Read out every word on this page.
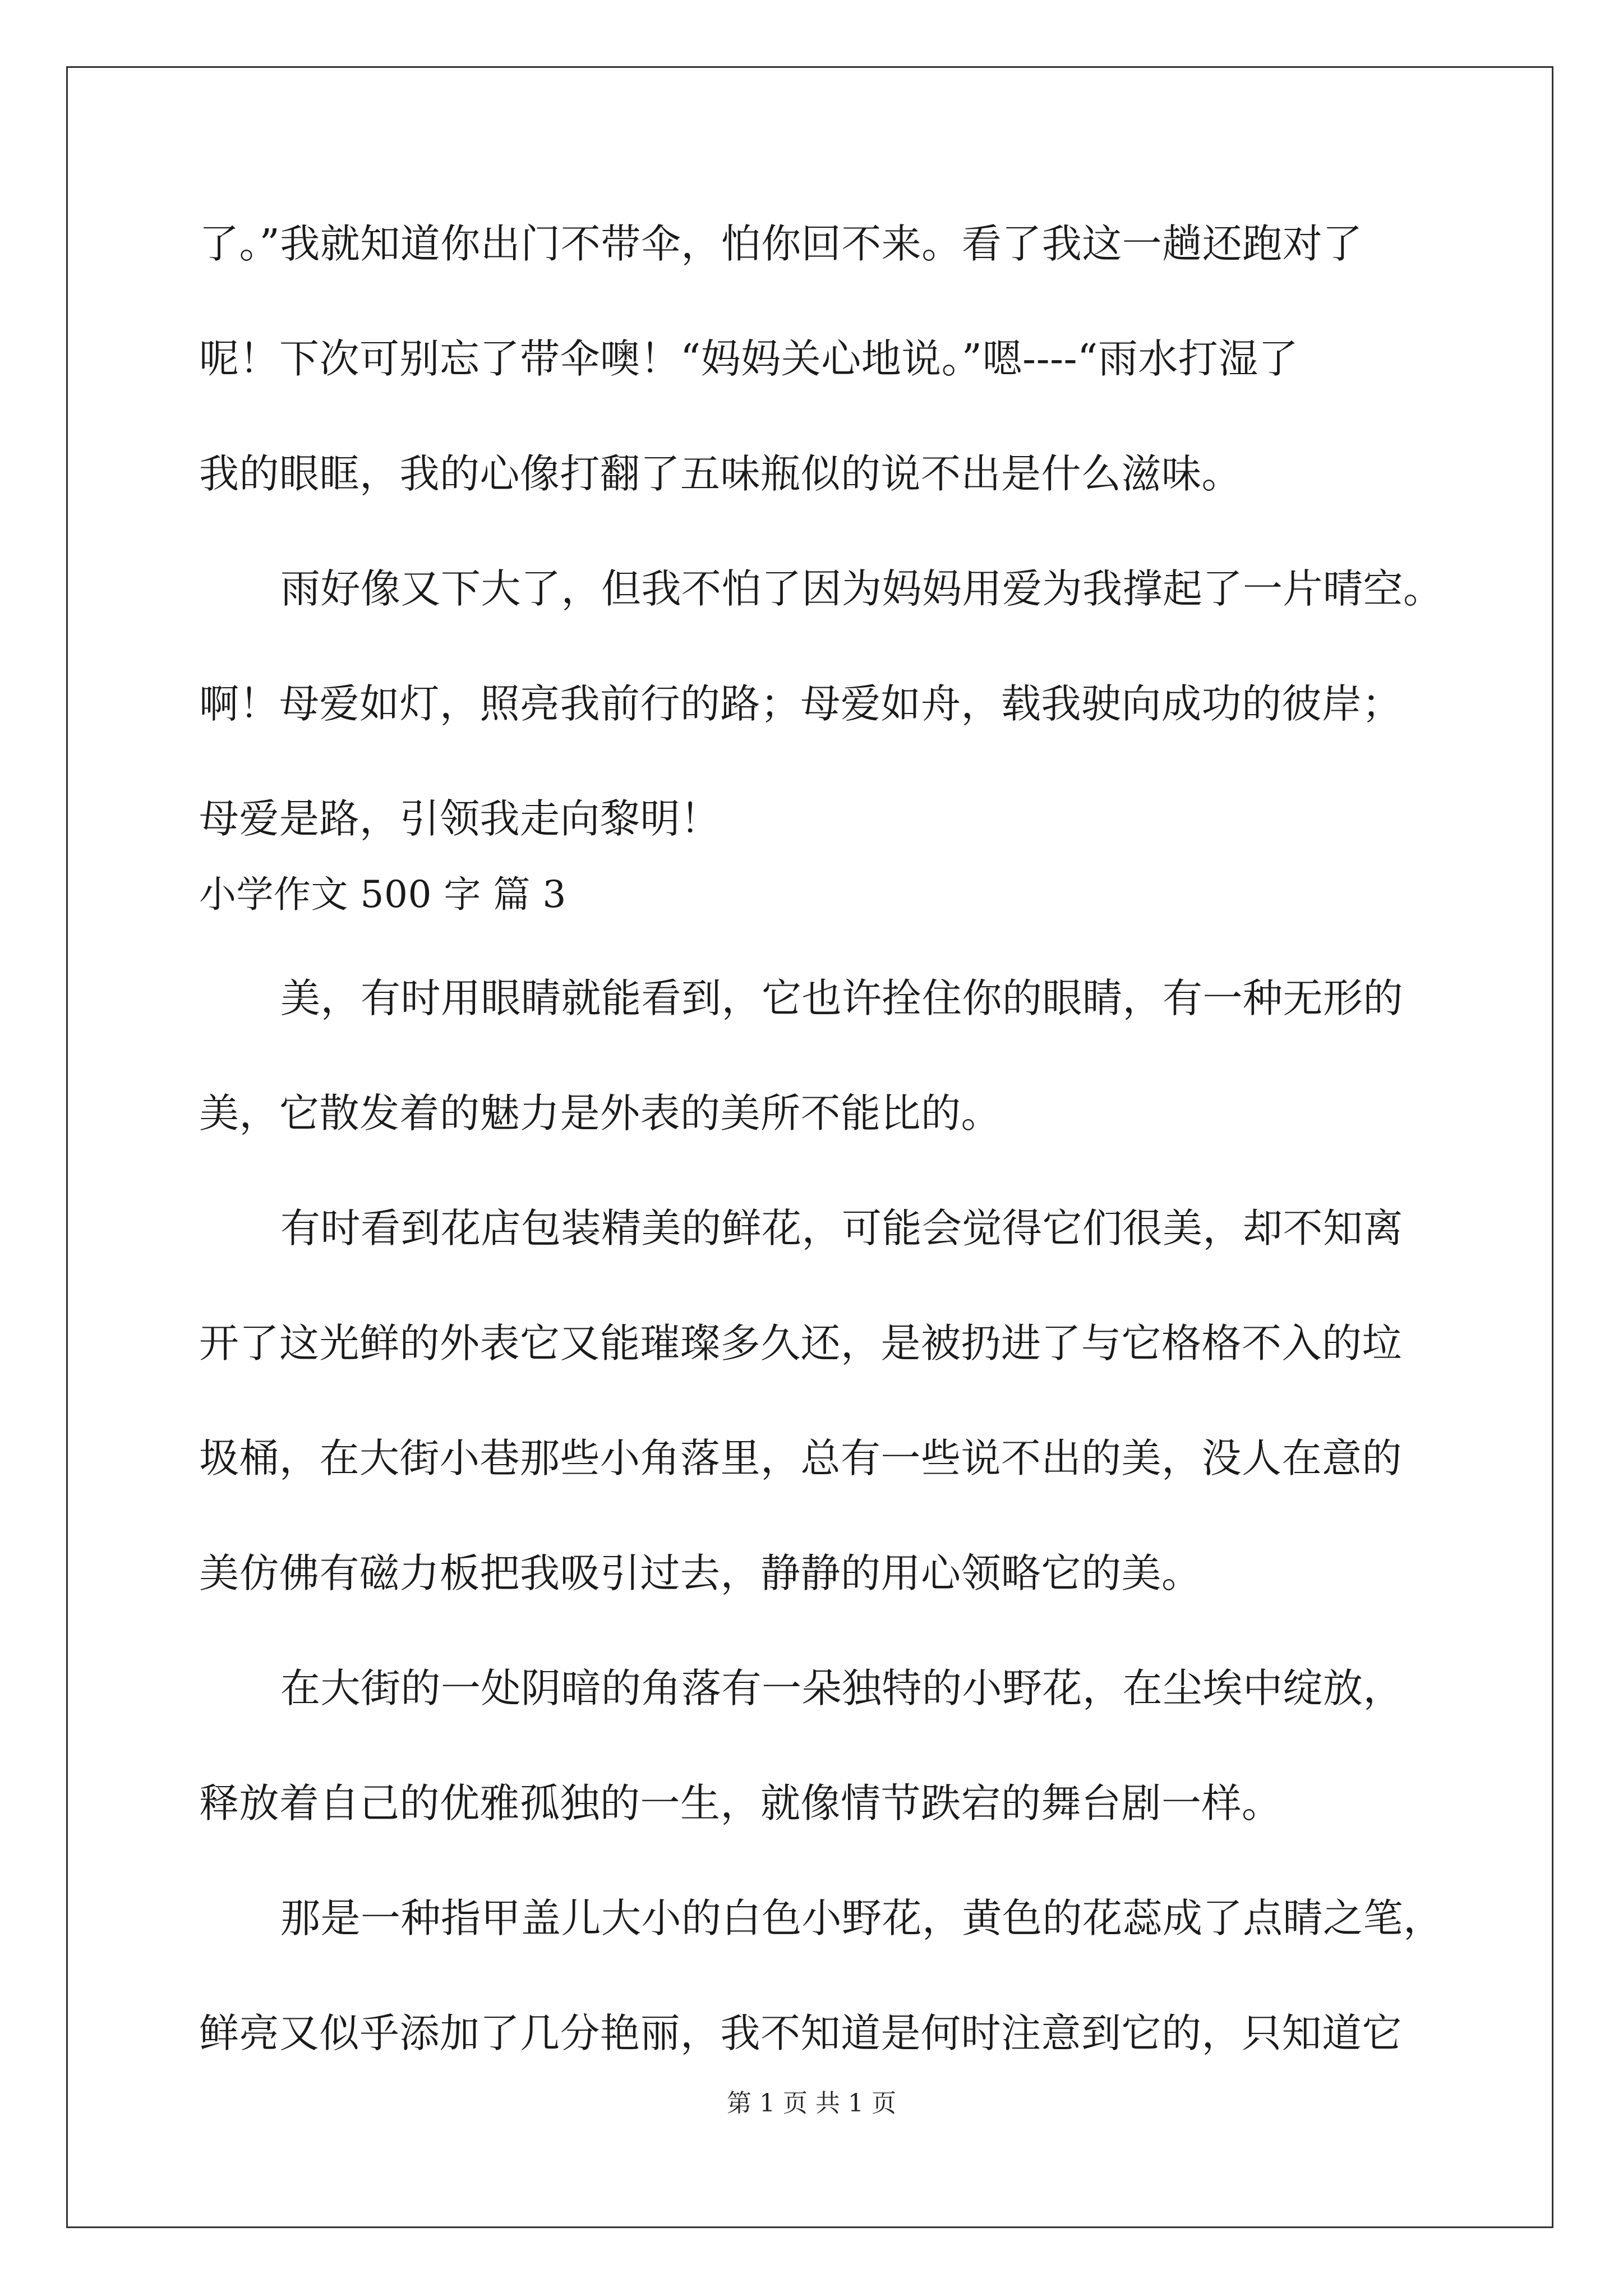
了。”我就知道你出门不带伞，怕你回不来。看了我这一趟还跑对了
呢！下次可别忘了带伞噢！“妈妈关心地说。”嗯----“雨水打湿了
我的眼眶，我的心像打翻了五味瓶似的说不出是什么滋味。
雨好像又下大了，但我不怕了因为妈妈用爱为我撑起了一片晴空。
啊！母爱如灯，照亮我前行的路；母爱如舟，载我驶向成功的彼岸；
母爱是路，引领我走向黎明！
小学作文 500 字 篇 3
美，有时用眼睛就能看到，它也许拴住你的眼睛，有一种无形的
美，它散发着的魅力是外表的美所不能比的。
有时看到花店包装精美的鲜花，可能会觉得它们很美，却不知离
开了这光鲜的外表它又能璀璨多久还，是被扔进了与它格格不入的垃
圾桶，在大街小巷那些小角落里，总有一些说不出的美，没人在意的
美仿佛有磁力板把我吸引过去，静静的用心领略它的美。
在大街的一处阴暗的角落有一朵独特的小野花，在尘埃中绽放，
释放着自己的优雅孤独的一生，就像情节跌宕的舞台剧一样。
那是一种指甲盖儿大小的白色小野花，黄色的花蕊成了点睛之笔，
鲜亮又似乎添加了几分艳丽，我不知道是何时注意到它的，只知道它
第 1 页 共 1 页
